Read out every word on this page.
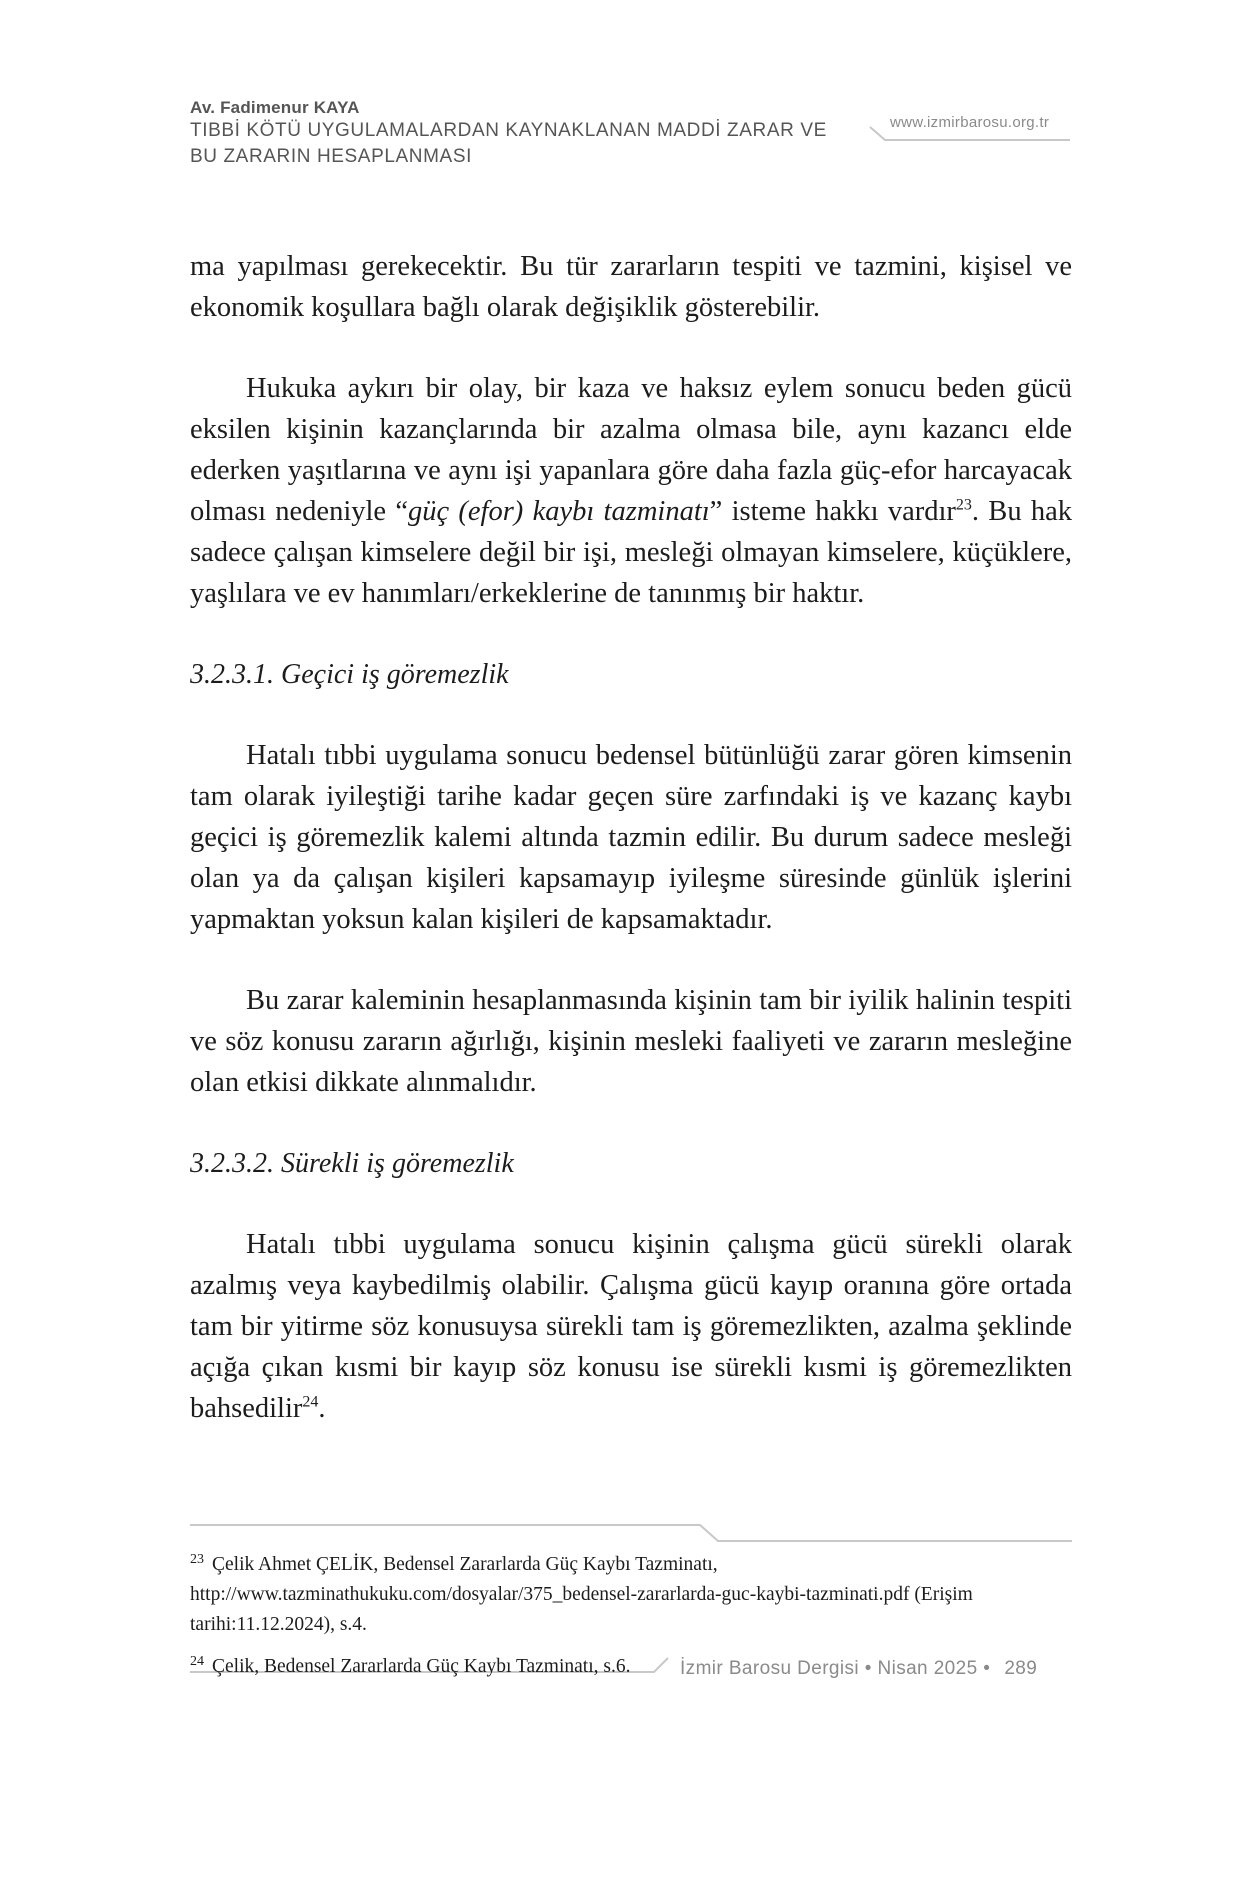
Av. Fadimenur KAYA
TIBBİ KÖTÜ UYGULAMALARDAN KAYNAKLANAN MADDİ ZARAR VE
BU ZARARIN HESAPLANMASI
www.izmirbarosu.org.tr

ma yapılması gerekecektir. Bu tür zararların tespiti ve tazmini, kişisel ve ekonomik koşullara bağlı olarak değişiklik gösterebilir.

Hukuka aykırı bir olay, bir kaza ve haksız eylem sonucu beden gücü eksilen kişinin kazançlarında bir azalma olmasa bile, aynı kazancı elde ederken yaşıtlarına ve aynı işi yapanlara göre daha fazla güç-efor harcayacak olması nedeniyle “güç (efor) kaybı tazminatı” isteme hakkı vardır$^{23}$. Bu hak sadece çalışan kimselere değil bir işi, mesleği olmayan kimselere, küçüklere, yaşlılara ve ev hanımları/erkeklerine de tanınmış bir haktır.

3.2.3.1. Geçici iş göremezlik

Hatalı tıbbi uygulama sonucu bedensel bütünlüğü zarar gören kimsenin tam olarak iyileştiği tarihe kadar geçen süre zarfındaki iş ve kazanç kaybı geçici iş göremezlik kalemi altında tazmin edilir. Bu durum sadece mesleği olan ya da çalışan kişileri kapsamayıp iyileşme süresinde günlük işlerini yapmaktan yoksun kalan kişileri de kapsamaktadır.

Bu zarar kaleminin hesaplanmasında kişinin tam bir iyilik halinin tespiti ve söz konusu zararın ağırlığı, kişinin mesleki faaliyeti ve zararın mesleğine olan etkisi dikkate alınmalıdır.

3.2.3.2. Sürekli iş göremezlik

Hatalı tıbbi uygulama sonucu kişinin çalışma gücü sürekli olarak azalmış veya kaybedilmiş olabilir. Çalışma gücü kayıp oranına göre ortada tam bir yitirme söz konusuysa sürekli tam iş göremezlikten, azalma şeklinde açığa çıkan kısmi bir kayıp söz konusu ise sürekli kısmi iş göremezlikten bahsedilir$^{24}$.

$^{23}$ Çelik Ahmet ÇELİK, Bedensel Zararlarda Güç Kaybı Tazminatı, http://www.tazminathukuku.com/dosyalar/375_bedensel-zararlarda-guc-kaybi-tazminati.pdf (Erişim tarihi:11.12.2024), s.4.
$^{24}$ Çelik, Bedensel Zararlarda Güç Kaybı Tazminatı, s.6.	İzmir Barosu Dergisi • Nisan 2025 • 289
